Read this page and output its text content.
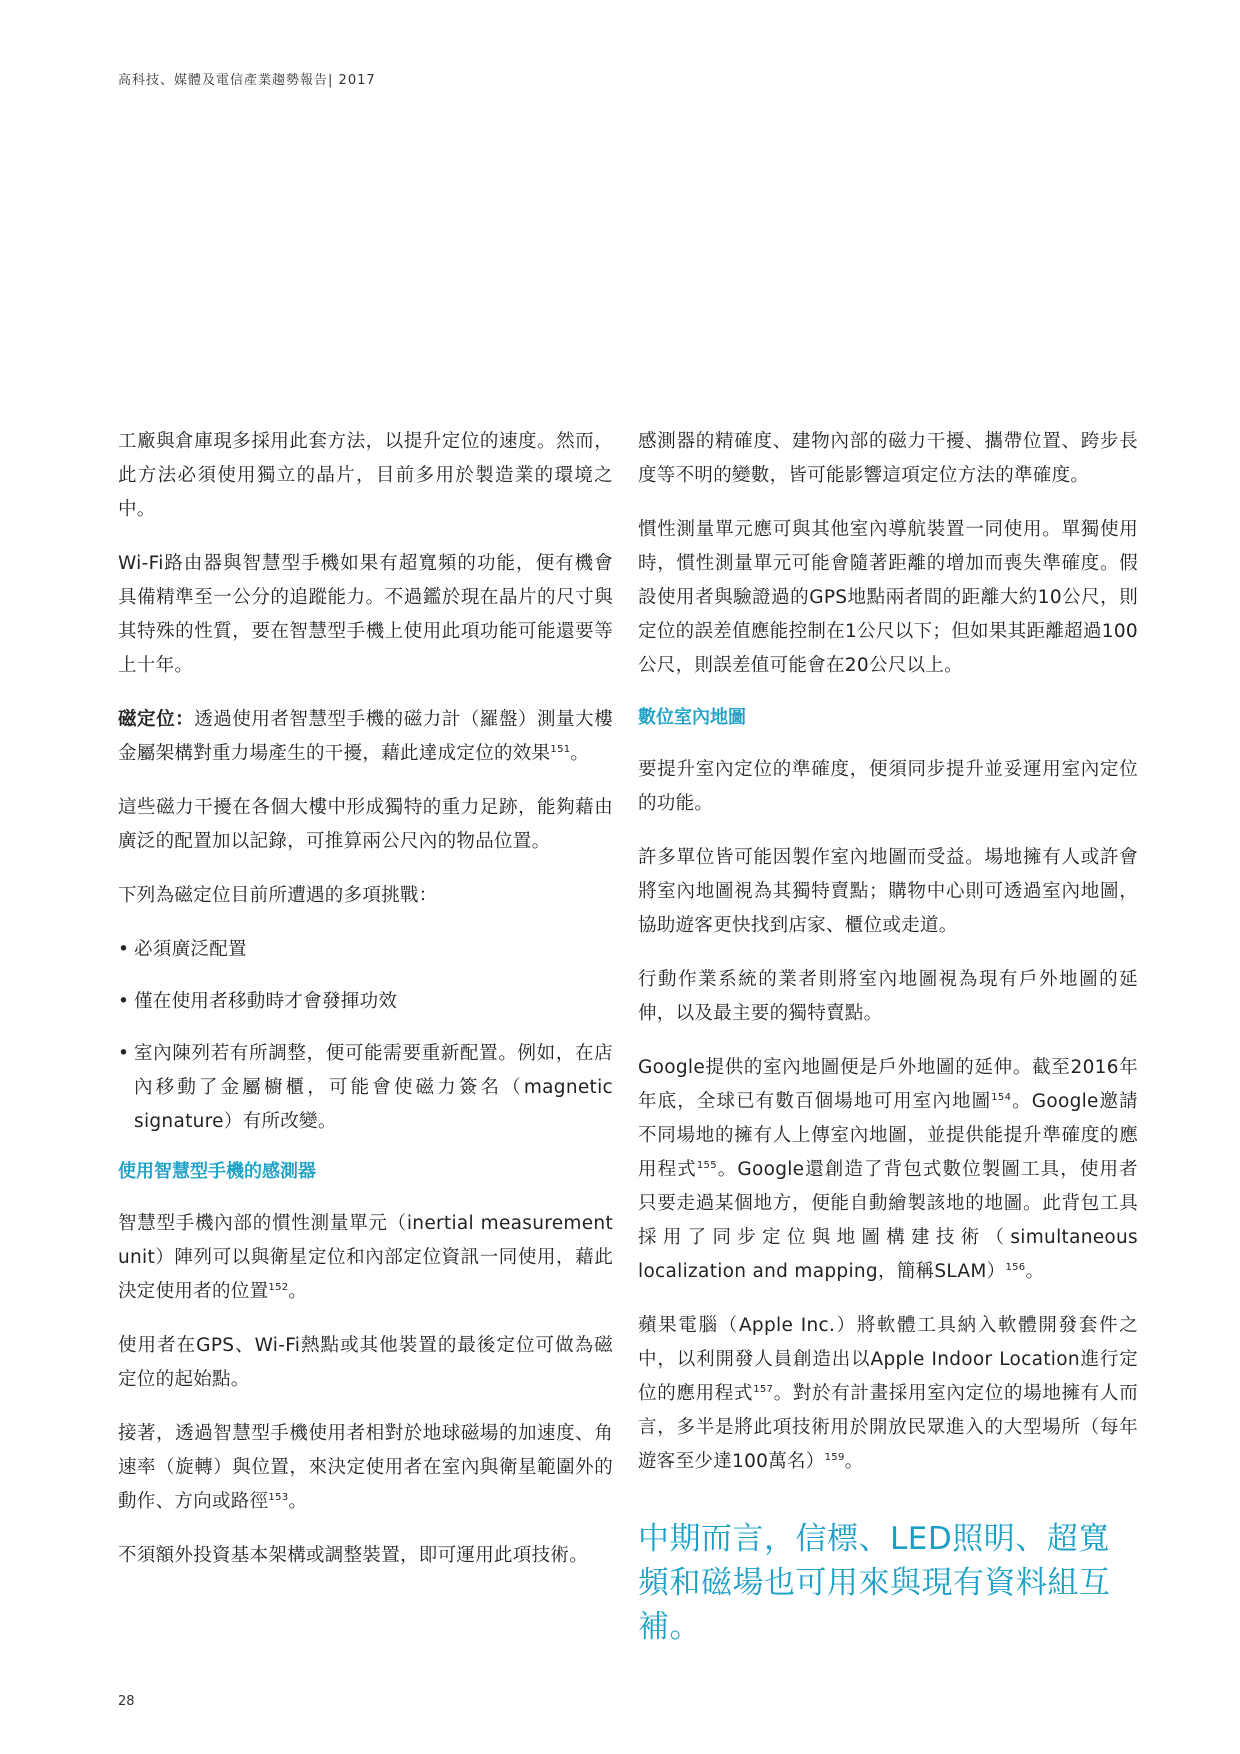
高科技、媒體及電信產業趨勢報告| 2017

工廠與倉庫現多採用此套方法，以提升定位的速度。然而，此方法必須使用獨立的晶片，目前多用於製造業的環境之中。

Wi-Fi路由器與智慧型手機如果有超寬頻的功能，便有機會具備精準至一公分的追蹤能力。不過鑑於現在晶片的尺寸與其特殊的性質，要在智慧型手機上使用此項功能可能還要等上十年。

磁定位：透過使用者智慧型手機的磁力計（羅盤）測量大樓金屬架構對重力場產生的干擾，藉此達成定位的效果$^{151}$。

這些磁力干擾在各個大樓中形成獨特的重力足跡，能夠藉由廣泛的配置加以記錄，可推算兩公尺內的物品位置。

下列為磁定位目前所遭遇的多項挑戰：

• 必須廣泛配置

• 僅在使用者移動時才會發揮功效

• 室內陳列若有所調整，便可能需要重新配置。例如，在店內移動了金屬櫥櫃，可能會使磁力簽名（magnetic signature）有所改變。

使用智慧型手機的感測器

智慧型手機內部的慣性測量單元（inertial measurement unit）陣列可以與衛星定位和內部定位資訊一同使用，藉此決定使用者的位置$^{152}$。

使用者在GPS、Wi-Fi熱點或其他裝置的最後定位可做為磁定位的起始點。

接著，透過智慧型手機使用者相對於地球磁場的加速度、角速率（旋轉）與位置，來決定使用者在室內與衛星範圍外的動作、方向或路徑$^{153}$。

不須額外投資基本架構或調整裝置，即可運用此項技術。

感測器的精確度、建物內部的磁力干擾、攜帶位置、跨步長度等不明的變數，皆可能影響這項定位方法的準確度。

慣性測量單元應可與其他室內導航裝置一同使用。單獨使用時，慣性測量單元可能會隨著距離的增加而喪失準確度。假設使用者與驗證過的GPS地點兩者間的距離大約10公尺，則定位的誤差值應能控制在1公尺以下；但如果其距離超過100公尺，則誤差值可能會在20公尺以上。

數位室內地圖

要提升室內定位的準確度，便須同步提升並妥運用室內定位的功能。

許多單位皆可能因製作室內地圖而受益。場地擁有人或許會將室內地圖視為其獨特賣點；購物中心則可透過室內地圖，協助遊客更快找到店家、櫃位或走道。

行動作業系統的業者則將室內地圖視為現有戶外地圖的延伸，以及最主要的獨特賣點。

Google提供的室內地圖便是戶外地圖的延伸。截至2016年年底，全球已有數百個場地可用室內地圖$^{154}$。Google邀請不同場地的擁有人上傳室內地圖，並提供能提升準確度的應用程式$^{155}$。Google還創造了背包式數位製圖工具，使用者只要走過某個地方，便能自動繪製該地的地圖。此背包工具採用了同步定位與地圖構建技術（simultaneous localization and mapping，簡稱SLAM）$^{156}$。

蘋果電腦（Apple Inc.）將軟體工具納入軟體開發套件之中，以利開發人員創造出以Apple Indoor Location進行定位的應用程式$^{157}$。對於有計畫採用室內定位的場地擁有人而言，多半是將此項技術用於開放民眾進入的大型場所（每年遊客至少達100萬名）$^{159}$。

中期而言，信標、LED照明、超寬頻和磁場也可用來與現有資料組互補。
28
